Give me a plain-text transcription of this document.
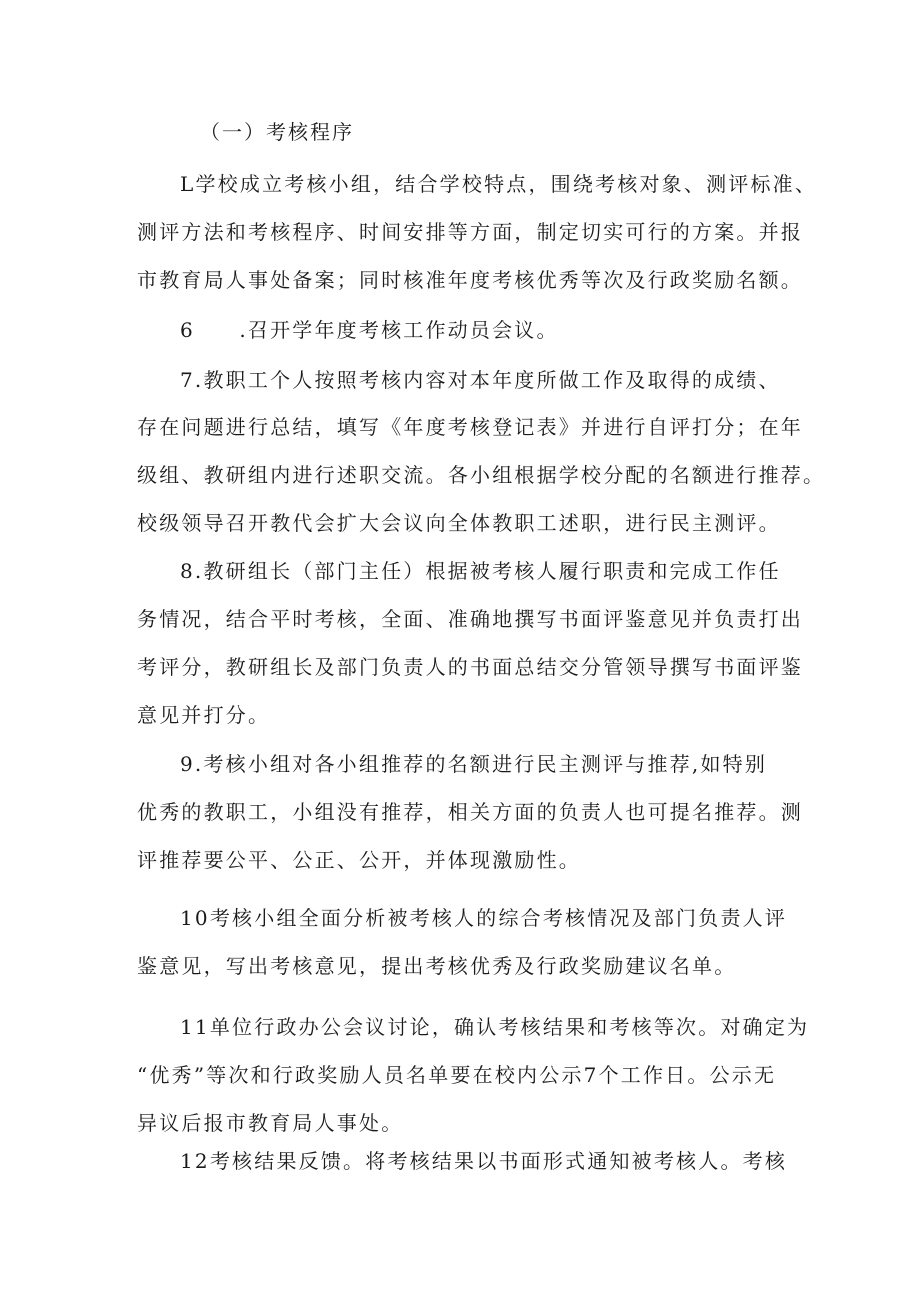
（一）考核程序
L学校成立考核小组，结合学校特点，围绕考核对象、测评标准、
测评方法和考核程序、时间安排等方面，制定切实可行的方案。并报
市教育局人事处备案；同时核准年度考核优秀等次及行政奖励名额。
6　　.召开学年度考核工作动员会议。
7.教职工个人按照考核内容对本年度所做工作及取得的成绩、
存在问题进行总结，填写《年度考核登记表》并进行自评打分；在年
级组、教研组内进行述职交流。各小组根据学校分配的名额进行推荐。
校级领导召开教代会扩大会议向全体教职工述职，进行民主测评。
8.教研组长（部门主任）根据被考核人履行职责和完成工作任
务情况，结合平时考核，全面、准确地撰写书面评鉴意见并负责打出
考评分，教研组长及部门负责人的书面总结交分管领导撰写书面评鉴
意见并打分。
9.考核小组对各小组推荐的名额进行民主测评与推荐,如特别
优秀的教职工，小组没有推荐，相关方面的负责人也可提名推荐。测
评推荐要公平、公正、公开，并体现激励性。
10考核小组全面分析被考核人的综合考核情况及部门负责人评
鉴意见，写出考核意见，提出考核优秀及行政奖励建议名单。
11单位行政办公会议讨论，确认考核结果和考核等次。对确定为
“优秀”等次和行政奖励人员名单要在校内公示7个工作日。公示无
异议后报市教育局人事处。
12考核结果反馈。将考核结果以书面形式通知被考核人。考核
